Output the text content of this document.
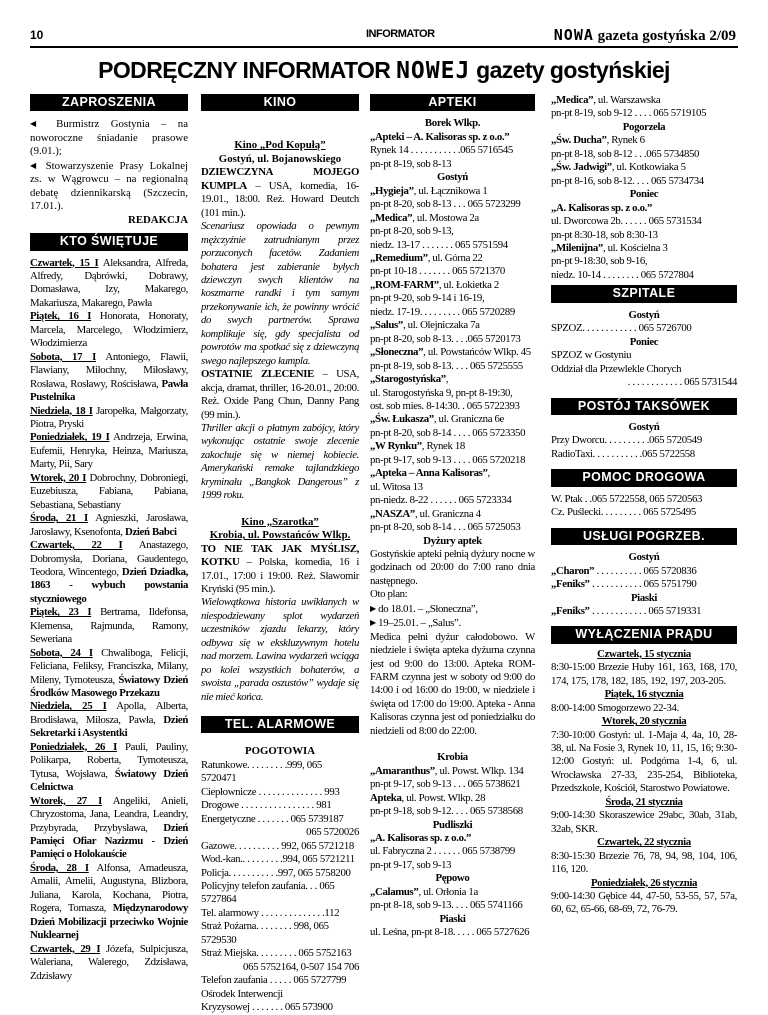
10	INFORMATOR	NOWA gazeta gostyńska 2/09
PODRĘCZNY INFORMATOR NOWEJ gazety gostyńskiej
ZAPROSZENIA

◀ Burmistrz Gostynia – na noworoczne śniadanie prasowe (9.01.);

◀ Stowarzyszenie Prasy Lokalnej zs. w Wągrowcu – na regionalną debatę dziennikarską (Szczecin, 17.01.).

REDAKCJA

KTO ŚWIĘTUJE

Czwartek, 15 I Aleksandra, Alfreda, Alfredy, Dąbrówki, Dobrawy, Domasława, Izy, Makarego, Makariusza, Makarego, Pawła

Piątek, 16 I Honorata, Honoraty, Marcela, Marcelego, Włodzimierz, Włodzimierza

Sobota, 17 I Antoniego, Flawii, Flawiany, Miłochny, Miłosławy, Rosława, Rosławy, Rościsława, Pawła Pustelnika

Niedziela, 18 I Jaropełka, Małgorzaty, Piotra, Pryski

Poniedziałek, 19 I Andrzeja, Erwina, Eufemii, Henryka, Heinza, Mariusza, Marty, Pii, Sary

Wtorek, 20 I Dobrochny, Dobroniegi, Euzebiusza, Fabiana, Pabiana, Sebastiana, Sebastiany

Środa, 21 I Agnieszki, Jarosława, Jarosławy, Ksenofonta, Dzień Babci

Czwartek, 22 I Anastazego, Dobromysła, Doriana, Gaudentego, Teodora, Wincentego, Dzień Dziadka, 1863 - wybuch powstania styczniowego

Piątek, 23 I Bertrama, Ildefonsa, Klemensa, Rajmunda, Ramony, Seweriana

Sobota, 24 I Chwaliboga, Felicji, Feliciana, Feliksy, Franciszka, Milany, Mileny, Tymoteusza, Światowy Dzień Środków Masowego Przekazu

Niedziela, 25 I Apolla, Alberta, Brodisława, Miłosza, Pawła, Dzień Sekretarki i Asystentki

Poniedziałek, 26 I Pauli, Pauliny, Polikarpa, Roberta, Tymoteusza, Tytusa, Wojsława, Światowy Dzień Celnictwa

Wtorek, 27 I Angeliki, Anieli, Chryzostoma, Jana, Leandra, Leandry, Przybyrada, Przybysława, Dzień Pamięci Ofiar Nazizmu - Dzień Pamięci o Holokauście

Środa, 28 I Alfonsa, Amadeusza, Amalii, Amelii, Augustyna, Blizbora, Juliana, Karola, Kochana, Piotra, Rogera, Tomasza, Międzynarodowy Dzień Mobilizacji przeciwko Wojnie Nuklearnej

Czwartek, 29 I Józefa, Sulpicjusza, Waleriana, Walerego, Zdzisława, Zdzisławy

KINO

Kino „Pod Kopułą”

Gostyń, ul. Bojanowskiego

DZIEWCZYNA MOJEGO KUMPLA – USA, komedia, 16-19.01., 18:00. Reż. Howard Deutch (101 min.).

Scenariusz opowiada o pewnym mężczyźnie zatrudnianym przez porzuconych facetów. Zadaniem bohatera jest zabieranie byłych dziewczyn swych klientów na koszmarne randki i tym samym przekonywanie ich, że powinny wrócić do swych partnerów. Sprawa komplikuje się, gdy specjalista od powrotów ma spotkać się z dziewczyną swego najlepszego kumpla.

OSTATNIE ZLECENIE – USA, akcja, dramat, thriller, 16-20.01., 20:00. Reż. Oxide Pang Chun, Danny Pang (99 min.).

Thriller akcji o płatnym zabójcy, który wykonując ostatnie swoje zlecenie zakochuje się w niemej kobiecie. Amerykański remake tajlandzkiego kryminału „Bangkok Dangerous” z 1999 roku.

Kino „Szarotka”

Krobia, ul. Powstańców Wlkp.

TO NIE TAK JAK MYŚLISZ, KOTKU – Polska, komedia, 16 i 17.01., 17:00 i 19:00. Reż. Sławomir Kryński (95 min.).

Wielowątkowa historia uwikłanych w niespodziewany splot wydarzeń uczestników zjazdu lekarzy, który odbywa się w ekskluzywnym hotelu nad morzem. Lawina wydarzeń wciąga po kolei wszystkich bohaterów, a swoista „parada oszustów” wydaje się nie mieć końca.

TEL. ALARMOWE

POGOTOWIA

Ratunkowe. . . . . . . . .999, 065 5720471

Ciepłownicze . . . . . . . . . . . . . . 993

Drogowe . . . . . . . . . . . . . . . . 981

Energetyczne . . . . . . . 065 5739187

065 5720026

Gazowe. . . . . . . . . . 992, 065 5721218

Wod.-kan.. . . . . . . . .994, 065 5721211

Policja. . . . . . . . . . .997, 065 5758200

Policyjny telefon zaufania. . . 065 5727864

Tel. alarmowy . . . . . . . . . . . . . .112

Straż Pożarna. . . . . . . . 998, 065 5729530

Straż Miejska. . . . . . . . . 065 5752163

065 5752164, 0-507 154 706

Telefon zaufania . . . . . 065 5727799

Ośrodek Interwencji

Kryzysowej . . . . . . . 065 573900

APTEKI

Borek Wlkp.

„Apteki – A. Kalisoras sp. z o.o.”

Rynek 14 . . . . . . . . . . .065 5716545

pn-pt 8-19, sob 8-13

Gostyń

„Hygieja”, ul. Łącznikowa 1

pn-pt 8-20, sob 8-13 . . . 065 5723299

„Medica”, ul. Mostowa 2a

pn-pt 8-20, sob 9-13,

niedz. 13-17 . . . . . . . 065 5751594

„Remedium”, ul. Górna 22

pn-pt 10-18 . . . . . . . 065 5721370

„ROM-FARM”, ul. Łokietka 2

pn-pt 9-20, sob 9-14 i 16-19,

niedz. 17-19. . . . . . . . . 065 5720289

„Salus”, ul. Olejniczaka 7a

pn-pt 8-20, sob 8-13. . . .065 5720173

„Słoneczna”, ul. Powstańców Wlkp. 45

pn-pt 8-19, sob 8-13. . . . 065 5725555

„Starogostyńska”,

ul. Starogostyńska 9, pn-pt 8-19:30,

ost. sob mies. 8-14:30. . 065 5722393

„Św. Łukasza”, ul. Graniczna 6e

pn-pt 8-20, sob 8-14 . . . . 065 5723350

„W Rynku”, Rynek 18

pn-pt 9-17, sob 9-13 . . . . 065 5720218

„Apteka – Anna Kalisoras”,

ul. Witosa 13

pn-niedz. 8-22 . . . . . . 065 5723334

„NASZA”, ul. Graniczna 4

pn-pt 8-20, sob 8-14 . . . 065 5725053

Dyżury aptek

Gostyńskie apteki pełnią dyżury nocne w godzinach od 20:00 do 7:00 rano dnia następnego.

Oto plan:

▶ do 18.01. – „Słoneczna”,

▶ 19–25.01. – „Salus”.

Medica pełni dyżur całodobowo. W niedziele i święta apteka dyżurna czynna jest od 9:00 do 13:00. Apteka ROM-FARM czynna jest w soboty od 9:00 do 14:00 i od 16:00 do 19:00, w niedziele i święta od 17:00 do 19:00. Apteka - Anna Kalisoras czynna jest od poniedziałku do niedzieli od 8:00 do 22:00.

Krobia

„Amaranthus”, ul. Powst. Wlkp. 134

pn-pt 9-17, sob 9-13 . . . 065 5738621

Apteka, ul. Powst. Wlkp. 28

pn-pt 9-18, sob 9-12. . . . 065 5738568

Pudliszki

„A. Kalisoras sp. z o.o.”

ul. Fabryczna 2 . . . . . . 065 5738799

pn-pt 9-17, sob 9-13

Pępowo

„Calamus”, ul. Orłonia 1a

pn-pt 8-18, sob 9-13. . . . 065 5741166

Piaski

ul. Leśna, pn-pt 8-18. . . . . 065 5727626

„Medica”, ul. Warszawska

pn-pt 8-19, sob 9-12 . . . . 065 5719105

Pogorzela

„Św. Ducha”, Rynek 6

pn-pt 8-18, sob 8-12 . . .065 5734850

„Św. Jadwigi”, ul. Kotkowiaka 5

pn-pt 8-16, sob 8-12. . . . 065 5734734

Poniec

„A. Kalisoras sp. z o.o.”

ul. Dworcowa 2b. . . . . . 065 5731534

pn-pt 8:30-18, sob 8:30-13

„Milenijna”, ul. Kościelna 3

pn-pt 9-18:30, sob 9-16,

niedz. 10-14 . . . . . . . . 065 5727804

SZPITALE

Gostyń

SPZOZ. . . . . . . . . . . . 065 5726700

Poniec

SPZOZ w Gostyniu

Oddział dla Przewlekle Chorych

. . . . . . . . . . . . 065 5731544

POSTÓJ TAKSÓWEK

Gostyń

Przy Dworcu. . . . . . . . . .065 5720549

RadioTaxi. . . . . . . . . . .065 5722558

POMOC DROGOWA

W. Ptak . .065 5722558, 065 5720563

Cz. Puślecki. . . . . . . . . 065 5725495

USŁUGI POGRZEB.

Gostyń

„Charon” . . . . . . . . . . 065 5720836

„Feniks” . . . . . . . . . . . 065 5751790

Piaski

„Feniks” . . . . . . . . . . . . 065 5719331

WYŁĄCZENIA PRĄDU

Czwartek, 15 stycznia

8:30-15:00 Brzezie Huby 161, 163, 168, 170, 174, 175, 178, 182, 185, 192, 197, 203-205.

Piątek, 16 stycznia

8:00-14:00 Smogorzewo 22-34.

Wtorek, 20 stycznia

7:30-10:00 Gostyń: ul. 1-Maja 4, 4a, 10, 28-38, ul. Na Fosie 3, Rynek 10, 11, 15, 16; 9:30-12:00 Gostyń: ul. Podgórna 1-4, 6, ul. Wrocławska 27-33, 235-254, Biblioteka, Przedszkole, Kościół, Starostwo Powiatowe.

Środa, 21 stycznia

9:00-14:30 Skoraszewice 29abc, 30ab, 31ab, 32ab, SKR.

Czwartek, 22 stycznia

8:30-15:30 Brzezie 76, 78, 94, 98, 104, 106, 116, 120.

Poniedziałek, 26 stycznia

9:00-14:30 Gębice 44, 47-50, 53-55, 57, 57a, 60, 62, 65-66, 68-69, 72, 76-79.
